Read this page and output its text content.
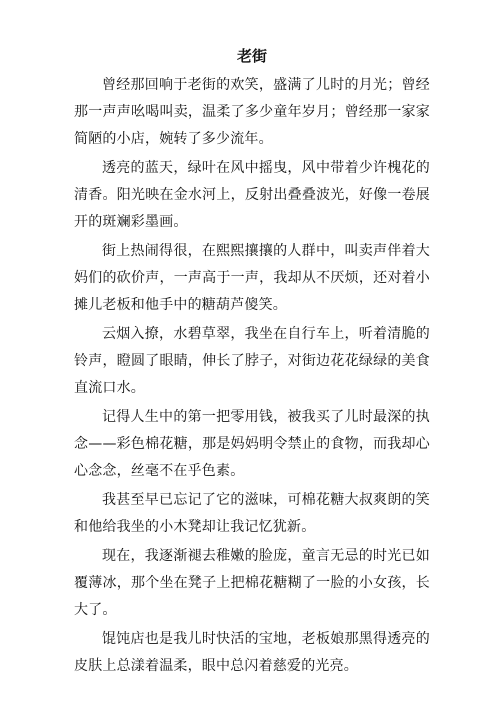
老街

曾经那回响于老街的欢笑，盛满了儿时的月光；曾经那一声声吆喝叫卖，温柔了多少童年岁月；曾经那一家家简陋的小店，婉转了多少流年。

透亮的蓝天，绿叶在风中摇曳，风中带着少许槐花的清香。阳光映在金水河上，反射出叠叠波光，好像一卷展开的斑斓彩墨画。

街上热闹得很，在熙熙攘攘的人群中，叫卖声伴着大妈们的砍价声，一声高于一声，我却从不厌烦，还对着小摊儿老板和他手中的糖葫芦傻笑。

云烟入撩，水碧草翠，我坐在自行车上，听着清脆的铃声，瞪圆了眼睛，伸长了脖子，对街边花花绿绿的美食直流口水。

记得人生中的第一把零用钱，被我买了儿时最深的执念——彩色棉花糖，那是妈妈明令禁止的食物，而我却心心念念，丝毫不在乎色素。

我甚至早已忘记了它的滋味，可棉花糖大叔爽朗的笑和他给我坐的小木凳却让我记忆犹新。

现在，我逐渐褪去稚嫩的脸庞，童言无忌的时光已如覆薄冰，那个坐在凳子上把棉花糖糊了一脸的小女孩，长大了。

馄饨店也是我儿时快活的宝地，老板娘那黑得透亮的皮肤上总漾着温柔，眼中总闪着慈爱的光亮。
